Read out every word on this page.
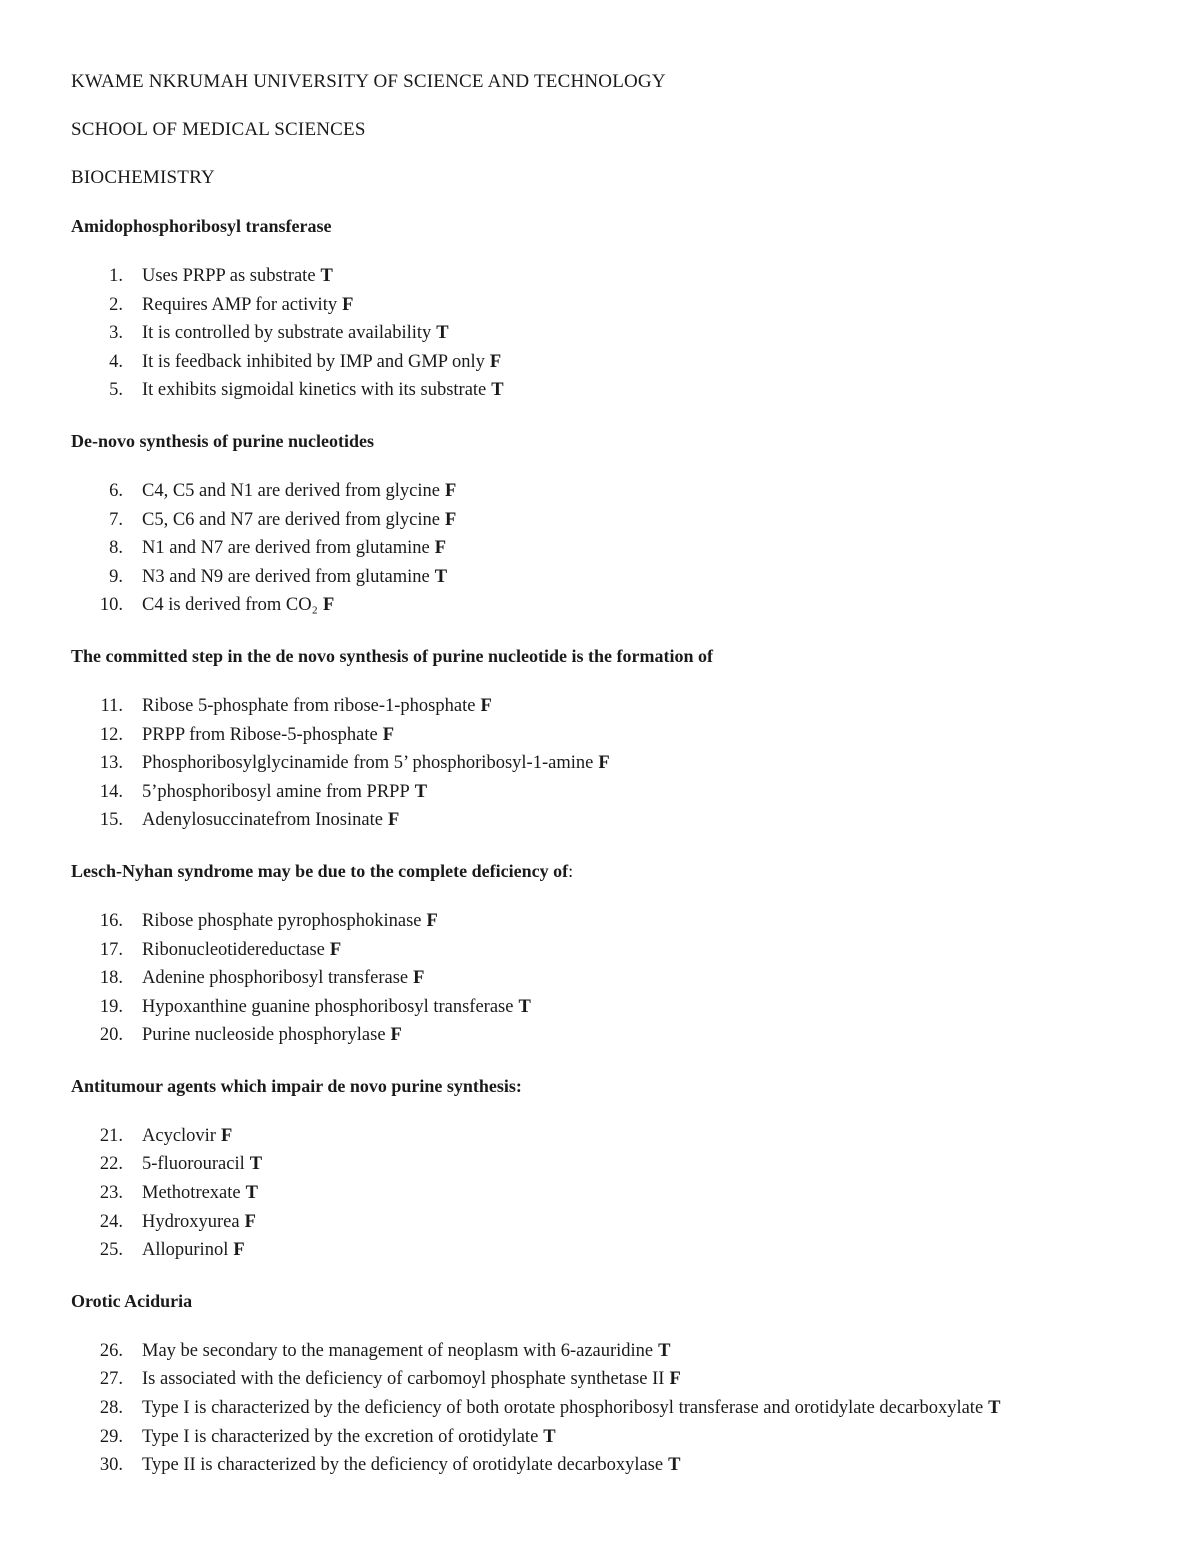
KWAME NKRUMAH UNIVERSITY OF SCIENCE AND TECHNOLOGY
SCHOOL OF MEDICAL SCIENCES
BIOCHEMISTRY
Amidophosphoribosyl transferase
1. Uses PRPP as substrate T
2. Requires AMP for activity F
3. It is controlled by substrate availability T
4. It is feedback inhibited by IMP and GMP only F
5. It exhibits sigmoidal kinetics with its substrate T
De-novo synthesis of purine nucleotides
6. C4, C5 and N1 are derived from glycine F
7. C5, C6 and N7 are derived from glycine F
8. N1 and N7 are derived from glutamine F
9. N3 and N9 are derived from glutamine T
10. C4 is derived from CO₂ F
The committed step in the de novo synthesis of purine nucleotide is the formation of
11. Ribose 5-phosphate from ribose-1-phosphate F
12. PRPP from Ribose-5-phosphate F
13. Phosphoribosylglycinamide from 5’ phosphoribosyl-1-amine F
14. 5’phosphoribosyl amine from PRPP T
15. Adenylosuccinatefrom Inosinate F
Lesch-Nyhan syndrome may be due to the complete deficiency of:
16. Ribose phosphate pyrophosphokinase F
17. Ribonucleotidereductase F
18. Adenine phosphoribosyl transferase F
19. Hypoxanthine guanine phosphoribosyl transferase T
20. Purine nucleoside phosphorylase F
Antitumour agents which impair de novo purine synthesis:
21. Acyclovir F
22. 5-fluorouracil T
23. Methotrexate T
24. Hydroxyurea F
25. Allopurinol F
Orotic Aciduria
26. May be secondary to the management of neoplasm with 6-azauridine T
27. Is associated with the deficiency of carbomoyl phosphate synthetase II F
28. Type I is characterized by the deficiency of both orotate phosphoribosyl transferase and orotidylate decarboxylate T
29. Type I is characterized by the excretion of orotidylate T
30. Type II is characterized by the deficiency of orotidylate decarboxylase T
